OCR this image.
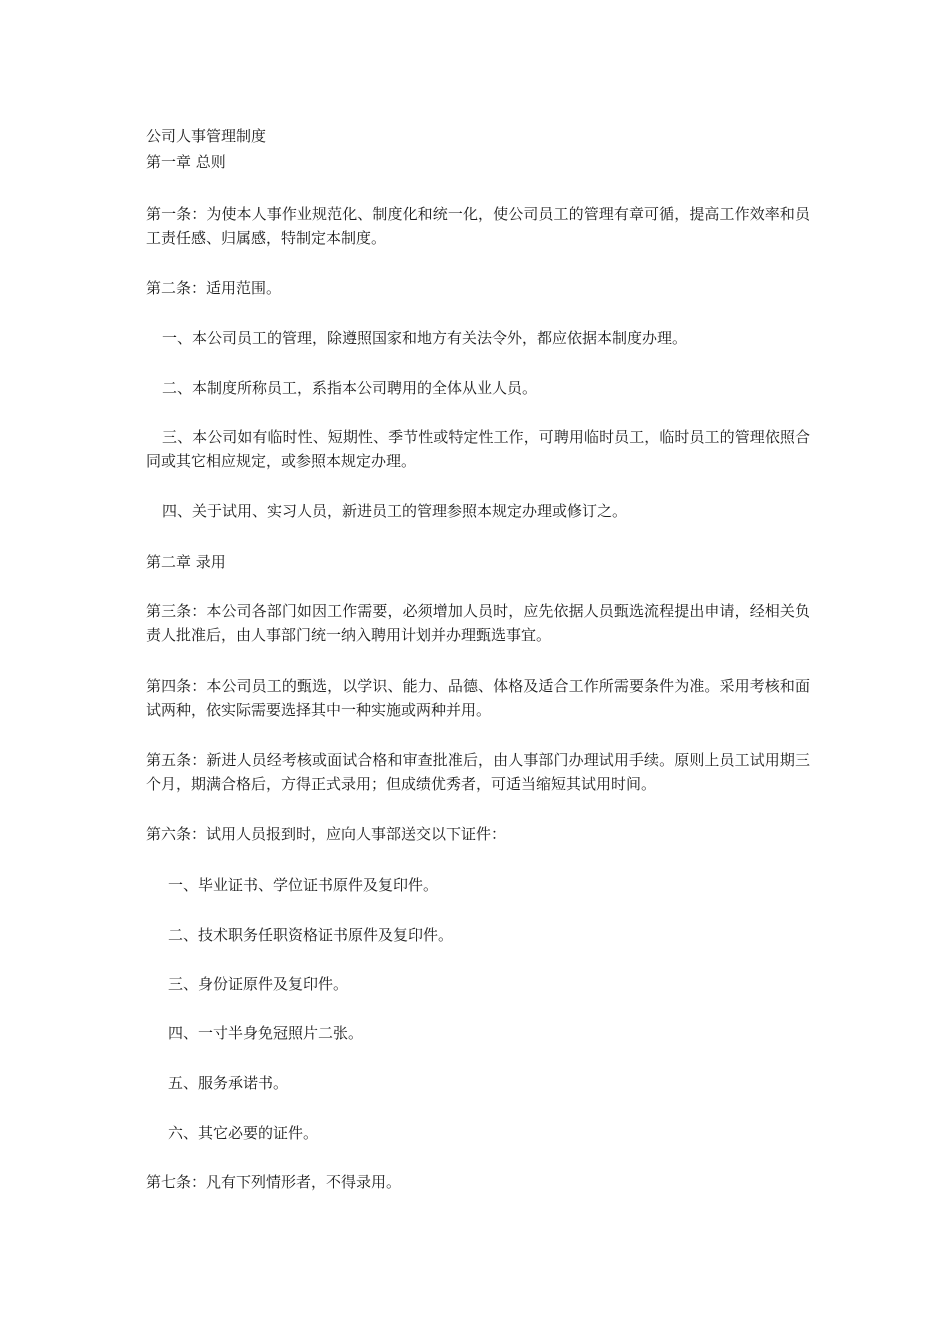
公司人事管理制度
第一章 总则
第一条：为使本人事作业规范化、制度化和统一化，使公司员工的管理有章可循，提高工作效率和员工责任感、归属感，特制定本制度。
第二条：适用范围。
一、本公司员工的管理，除遵照国家和地方有关法令外，都应依据本制度办理。
二、本制度所称员工，系指本公司聘用的全体从业人员。
三、本公司如有临时性、短期性、季节性或特定性工作，可聘用临时员工，临时员工的管理依照合同或其它相应规定，或参照本规定办理。
四、关于试用、实习人员，新进员工的管理参照本规定办理或修订之。
第二章 录用
第三条：本公司各部门如因工作需要，必须增加人员时，应先依据人员甄选流程提出申请，经相关负责人批准后，由人事部门统一纳入聘用计划并办理甄选事宜。
第四条：本公司员工的甄选，以学识、能力、品德、体格及适合工作所需要条件为准。采用考核和面试两种，依实际需要选择其中一种实施或两种并用。
第五条：新进人员经考核或面试合格和审查批准后，由人事部门办理试用手续。原则上员工试用期三个月，期满合格后，方得正式录用；但成绩优秀者，可适当缩短其试用时间。
第六条：试用人员报到时，应向人事部送交以下证件：
一、毕业证书、学位证书原件及复印件。
二、技术职务任职资格证书原件及复印件。
三、身份证原件及复印件。
四、一寸半身免冠照片二张。
五、服务承诺书。
六、其它必要的证件。
第七条：凡有下列情形者，不得录用。
